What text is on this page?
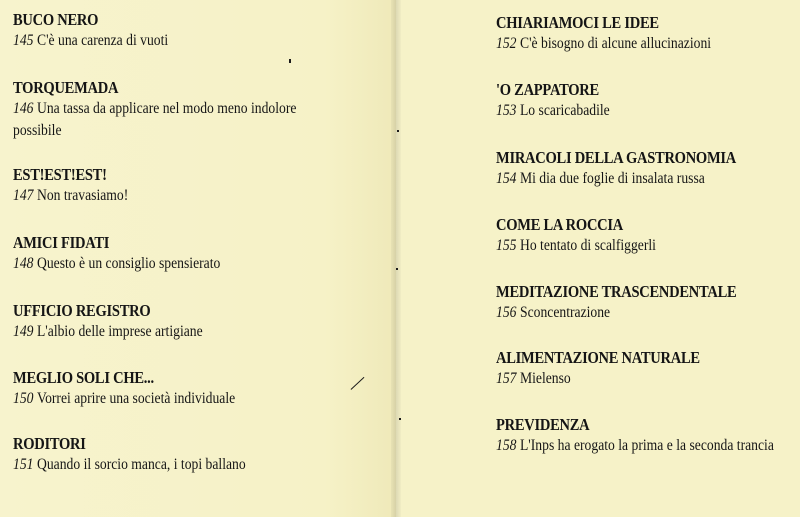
BUCO NERO
145 C'è una carenza di vuoti
TORQUEMADA
146 Una tassa da applicare nel modo meno indolore possibile
EST!EST!EST!
147 Non travasiamo!
AMICI FIDATI
148 Questo è un consiglio spensierato
UFFICIO REGISTRO
149 L'albio delle imprese artigiane
MEGLIO SOLI CHE...
150 Vorrei aprire una società individuale
RODITORI
151 Quando il sorcio manca, i topi ballano
CHIARIAMOCI LE IDEE
152 C'è bisogno di alcune allucinazioni
'O ZAPPATORE
153 Lo scaricabadile
MIRACOLI DELLA GASTRONOMIA
154 Mi dia due foglie di insalata russa
COME LA ROCCIA
155 Ho tentato di scalfiggerli
MEDITAZIONE TRASCENDENTALE
156 Sconcentrazione
ALIMENTAZIONE NATURALE
157 Mielenso
PREVIDENZA
158 L'Inps ha erogato la prima e la seconda trancia
